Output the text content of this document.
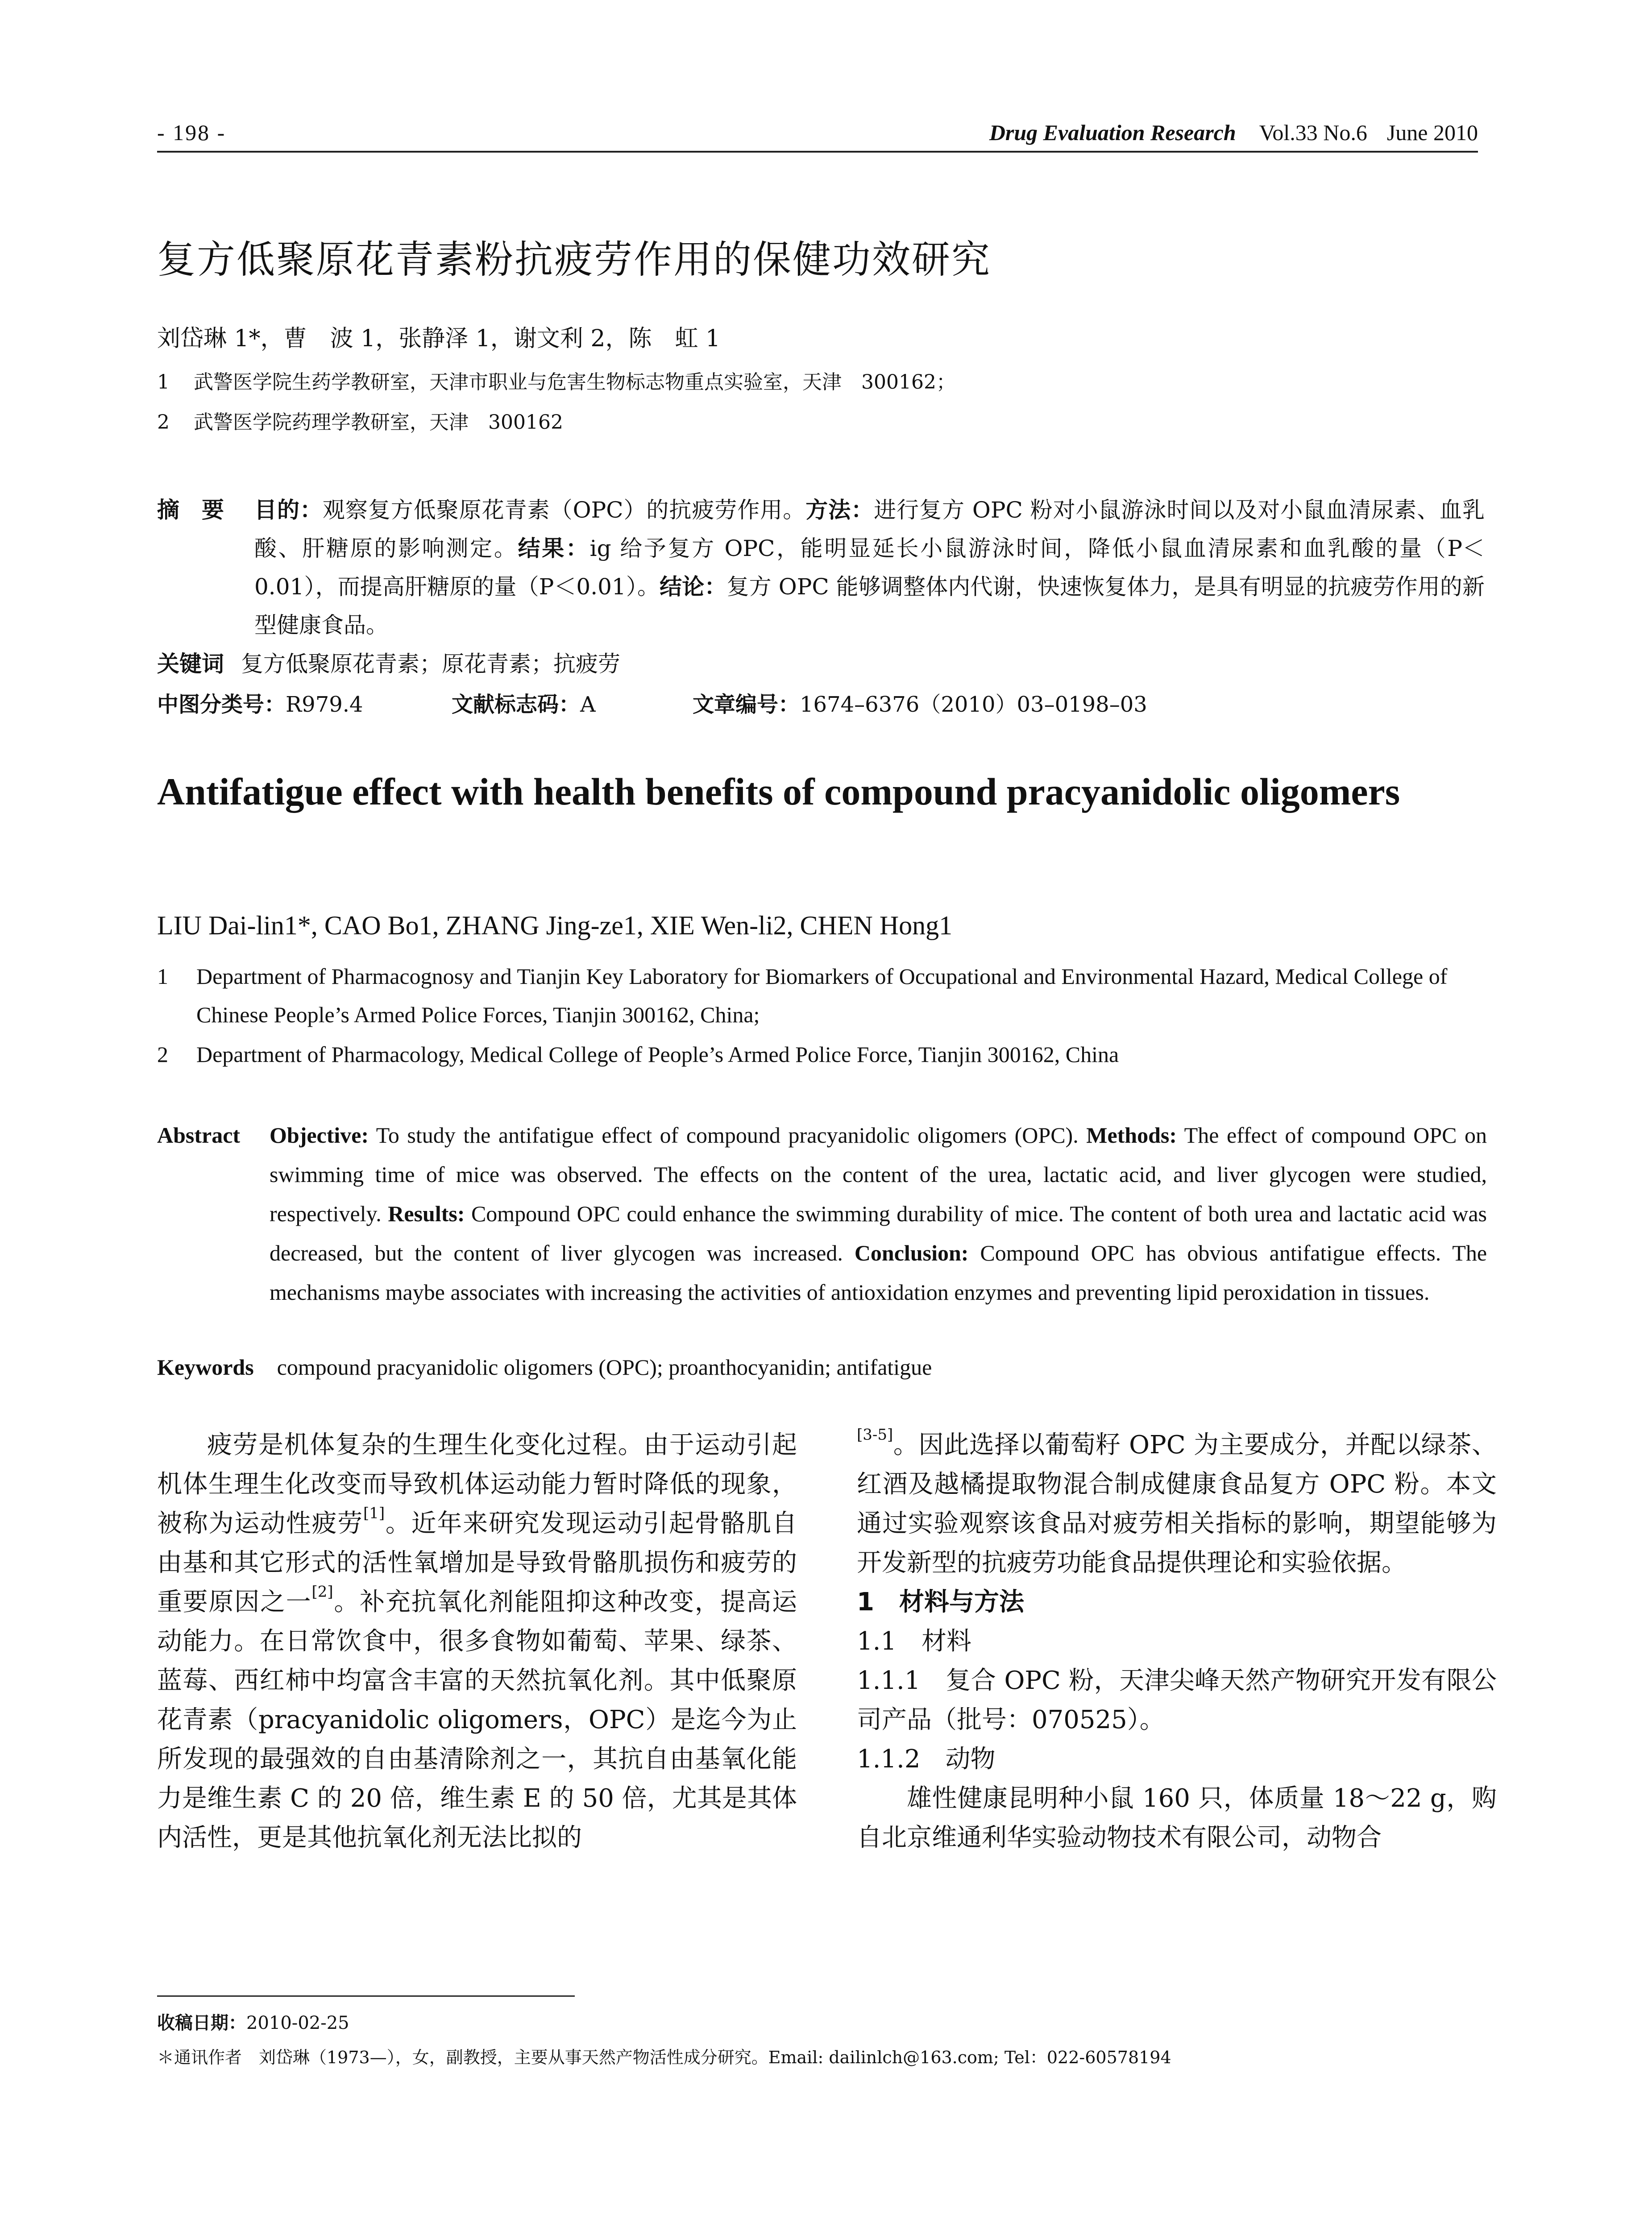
- 198 -	Drug Evaluation Research Vol.33 No.6 June 2010
复方低聚原花青素粉抗疲劳作用的保健功效研究
刘岱琳 1*，曹　波 1，张静泽 1，谢文利 2，陈　虹 1
1 武警医学院生药学教研室，天津市职业与危害生物标志物重点实验室，天津　300162；
2 武警医学院药理学教研室，天津　300162
摘　要 目的：观察复方低聚原花青素（OPC）的抗疲劳作用。方法：进行复方 OPC 粉对小鼠游泳时间以及对小鼠血清尿素、血乳酸、肝糖原的影响测定。结果：ig 给予复方 OPC，能明显延长小鼠游泳时间，降低小鼠血清尿素和血乳酸的量（P＜0.01），而提高肝糖原的量（P＜0.01）。结论：复方 OPC 能够调整体内代谢，快速恢复体力，是具有明显的抗疲劳作用的新型健康食品。
关键词 复方低聚原花青素；原花青素；抗疲劳
中图分类号：R979.4	文献标志码：A	文章编号：1674–6376（2010）03–0198–03
Antifatigue effect with health benefits of compound pracyanidolic oligomers
LIU Dai-lin1*, CAO Bo1, ZHANG Jing-ze1, XIE Wen-li2, CHEN Hong1
1 Department of Pharmacognosy and Tianjin Key Laboratory for Biomarkers of Occupational and Environmental Hazard, Medical College of Chinese People’s Armed Police Forces, Tianjin 300162, China;
2 Department of Pharmacology, Medical College of People’s Armed Police Force, Tianjin 300162, China
Abstract Objective: To study the antifatigue effect of compound pracyanidolic oligomers (OPC). Methods: The effect of compound OPC on swimming time of mice was observed. The effects on the content of the urea, lactatic acid, and liver glycogen were studied, respectively. Results: Compound OPC could enhance the swimming durability of mice. The content of both urea and lactatic acid was decreased, but the content of liver glycogen was increased. Conclusion: Compound OPC has obvious antifatigue effects. The mechanisms maybe associates with increasing the activities of antioxidation enzymes and preventing lipid peroxidation in tissues.
Keywords compound pracyanidolic oligomers (OPC); proanthocyanidin; antifatigue

疲劳是机体复杂的生理生化变化过程。由于运动引起机体生理生化改变而导致机体运动能力暂时降低的现象，被称为运动性疲劳[1]。近年来研究发现运动引起骨骼肌自由基和其它形式的活性氧增加是导致骨骼肌损伤和疲劳的重要原因之一[2]。补充抗氧化剂能阻抑这种改变，提高运动能力。在日常饮食中，很多食物如葡萄、苹果、绿茶、蓝莓、西红柿中均富含丰富的天然抗氧化剂。其中低聚原花青素（pracyanidolic oligomers，OPC）是迄今为止所发现的最强效的自由基清除剂之一，其抗自由基氧化能力是维生素 C 的 20 倍，维生素 E 的 50 倍，尤其是其体内活性，更是其他抗氧化剂无法比拟的

[3-5]。因此选择以葡萄籽 OPC 为主要成分，并配以绿茶、红酒及越橘提取物混合制成健康食品复方 OPC 粉。本文通过实验观察该食品对疲劳相关指标的影响，期望能够为开发新型的抗疲劳功能食品提供理论和实验依据。

1　材料与方法

1.1　材料

1.1.1　复合 OPC 粉，天津尖峰天然产物研究开发有限公司产品（批号：070525）。

1.1.2　动物

雄性健康昆明种小鼠 160 只，体质量 18～22 g，购自北京维通利华实验动物技术有限公司，动物合

收稿日期：2010-02-25
＊通讯作者　刘岱琳（1973—），女，副教授，主要从事天然产物活性成分研究。Email: dailinlch@163.com; Tel：022-60578194
